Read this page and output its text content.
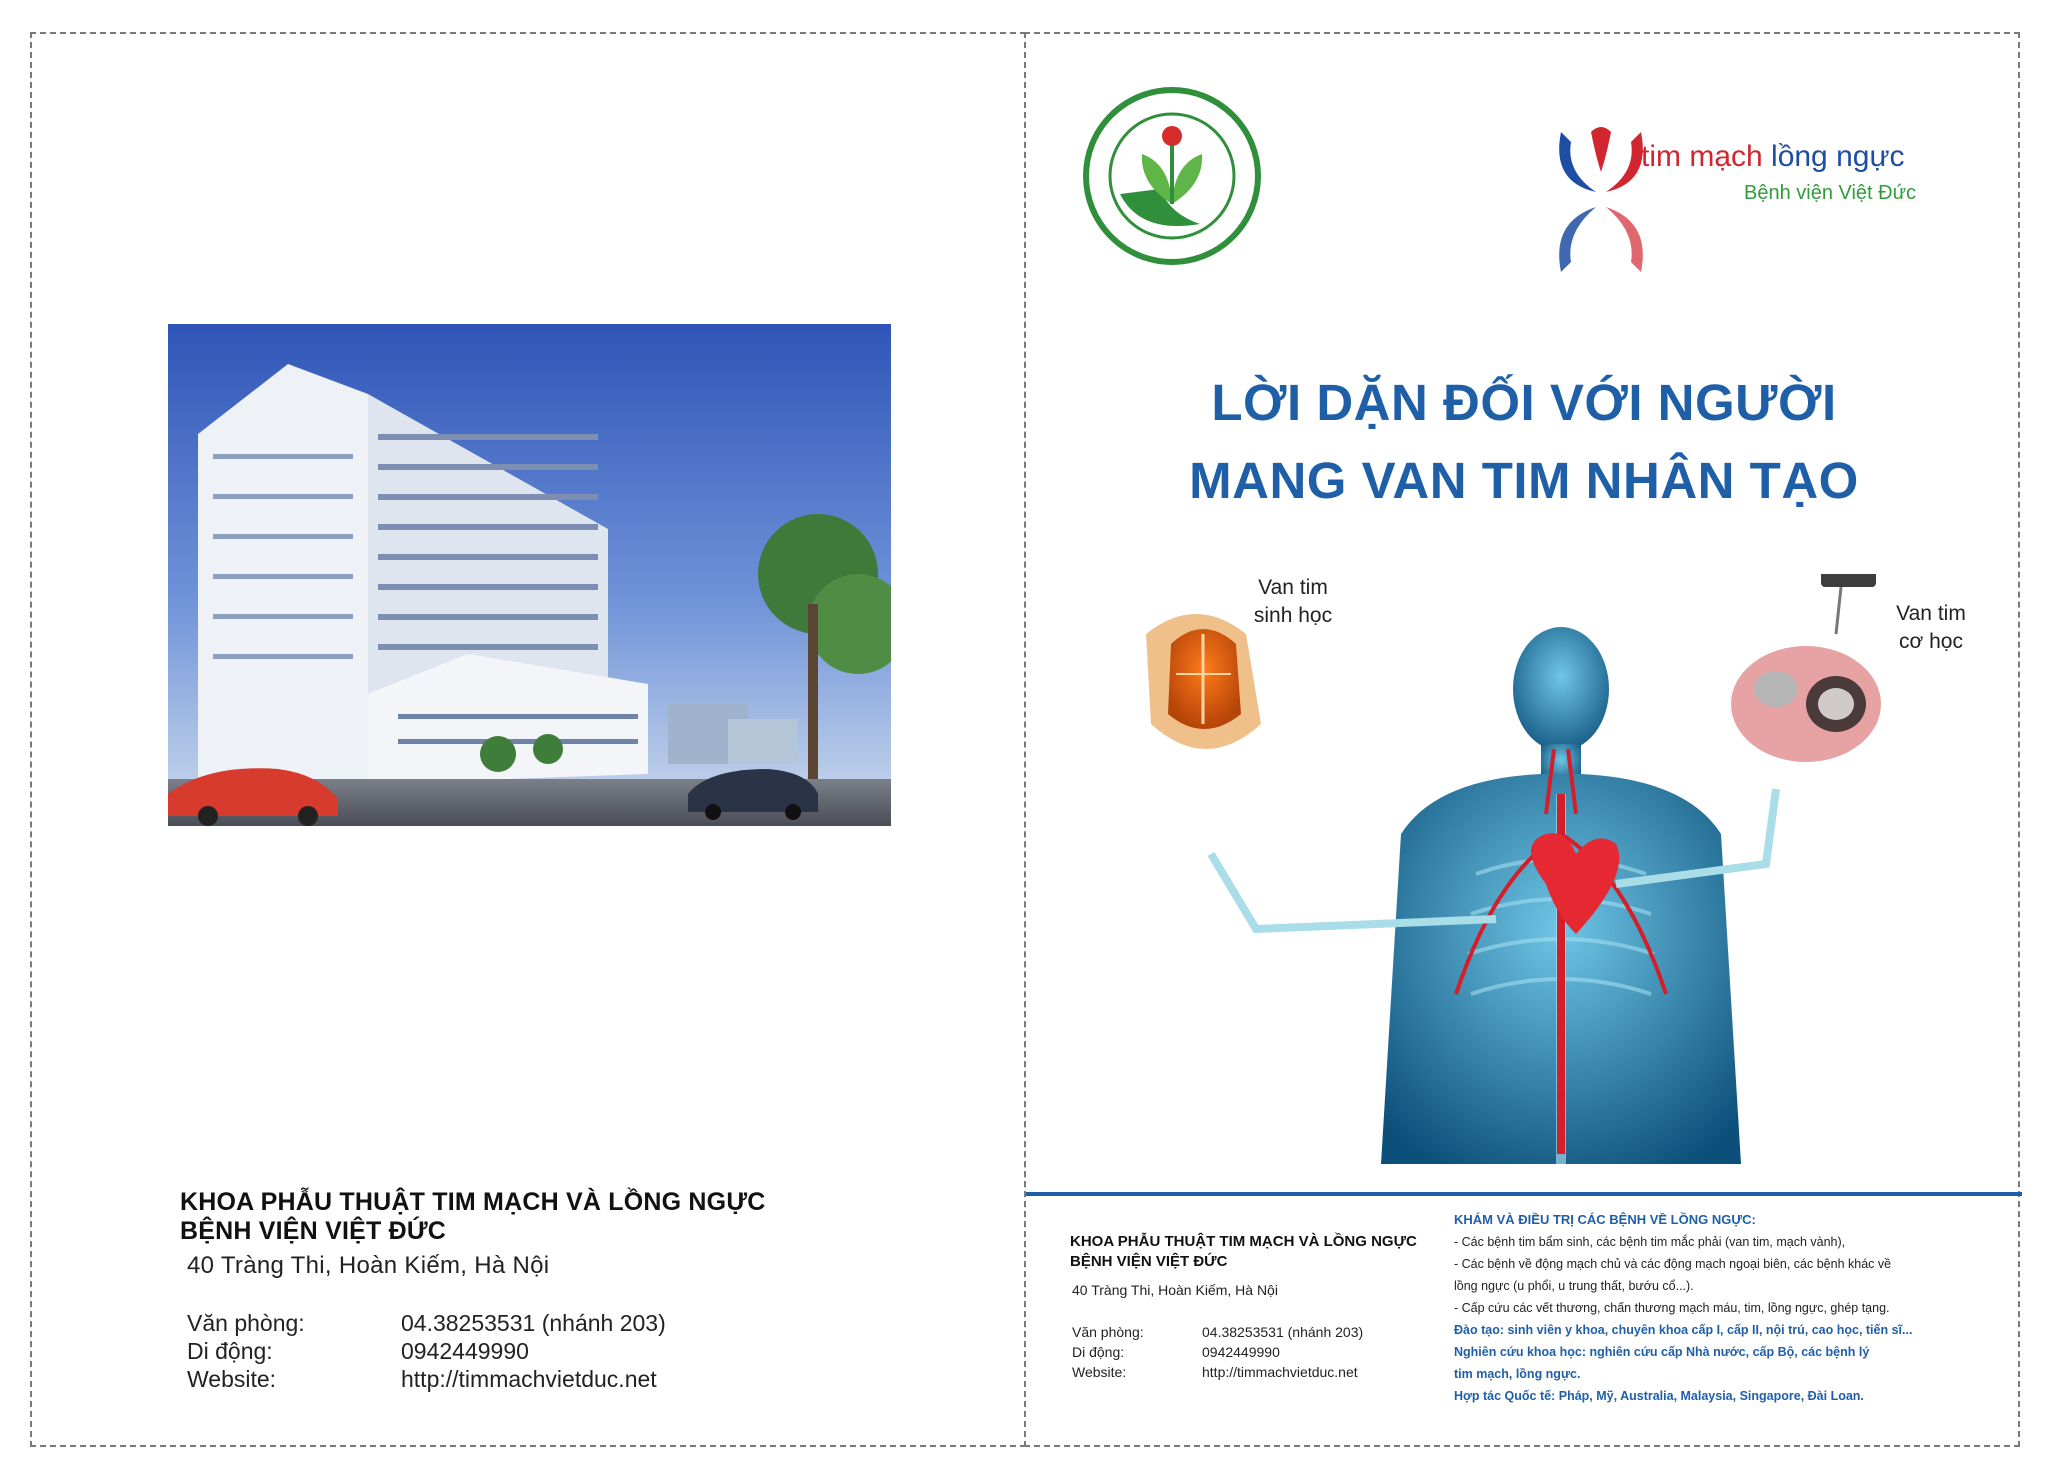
KHOA PHẪU THUẬT TIM MẠCH VÀ LỒNG NGỰC
BỆNH VIỆN VIỆT ĐỨC
40 Tràng Thi, Hoàn Kiếm, Hà Nội
Văn phòng:	04.38253531 (nhánh 203)
Di động:	0942449990
Website:	http://timmachvietduc.net
tim mạch lồng ngực
Bệnh viện Việt Đức
LỜI DẶN ĐỐI VỚI NGƯỜI
MANG VAN TIM NHÂN TẠO
Van tim
sinh học	Van tim
cơ học
KHOA PHẪU THUẬT TIM MẠCH VÀ LỒNG NGỰC
BỆNH VIỆN VIỆT ĐỨC
40 Tràng Thi, Hoàn Kiếm, Hà Nội
Văn phòng:	04.38253531 (nhánh 203)
Di động:	0942449990
Website:	http://timmachvietduc.net
KHÁM VÀ ĐIỀU TRỊ CÁC BỆNH VỀ LỒNG NGỰC:
- Các bệnh tim bẩm sinh, các bệnh tim mắc phải (van tim, mạch vành),
- Các bệnh về động mạch chủ và các động mạch ngoại biên, các bệnh khác về
lồng ngực (u phổi, u trung thất, bướu cổ...).
- Cấp cứu các vết thương, chấn thương mạch máu, tim, lồng ngực, ghép tạng.
Đào tạo: sinh viên y khoa, chuyên khoa cấp I, cấp II, nội trú, cao học, tiến sĩ...
Nghiên cứu khoa học: nghiên cứu cấp Nhà nước, cấp Bộ, các bệnh lý
tim mạch, lồng ngực.
Hợp tác Quốc tế: Pháp, Mỹ, Australia, Malaysia, Singapore, Đài Loan.
